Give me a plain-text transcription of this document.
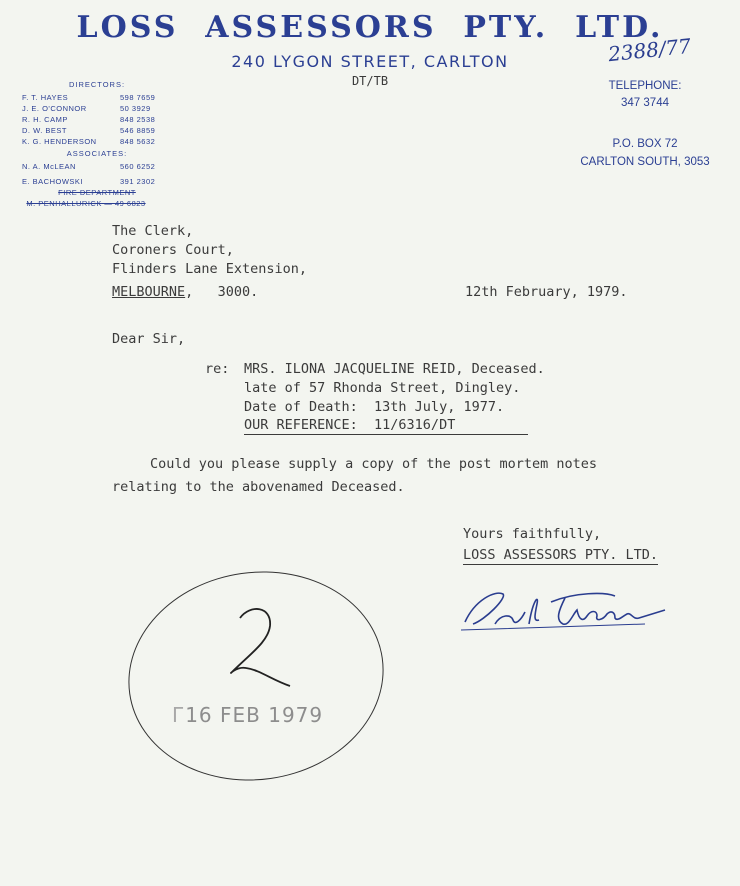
LOSS  ASSESSORS  PTY.  LTD.
240 LYGON STREET, CARLTON
DT/TB
2388/77
TELEPHONE:
347 3744
P.O. BOX 72
CARLTON SOUTH, 3053
DIRECTORS:
F. T. HAYES	598 7659
J. E. O'CONNOR	50 3929
R. H. CAMP	848 2538
D. W. BEST	546 8859
K. G. HENDERSON	848 5632
ASSOCIATES:
N. A. McLEAN	560 6252
E. BACHOWSKI	391 2302
FIRE DEPARTMENT
M. PENHALLURICK — 49 6823
The Clerk,
Coroners Court,
Flinders Lane Extension,
MELBOURNE,   3000.	12th February, 1979.
Dear Sir,
re: MRS. ILONA JACQUELINE REID, Deceased.
late of 57 Rhonda Street, Dingley.
Date of Death:  13th July, 1977.
OUR REFERENCE:  11/6316/DT
Could you please supply a copy of the post mortem notes
relating to the abovenamed Deceased.
Yours faithfully,
LOSS ASSESSORS PTY. LTD.
Г16 FEB 1979
